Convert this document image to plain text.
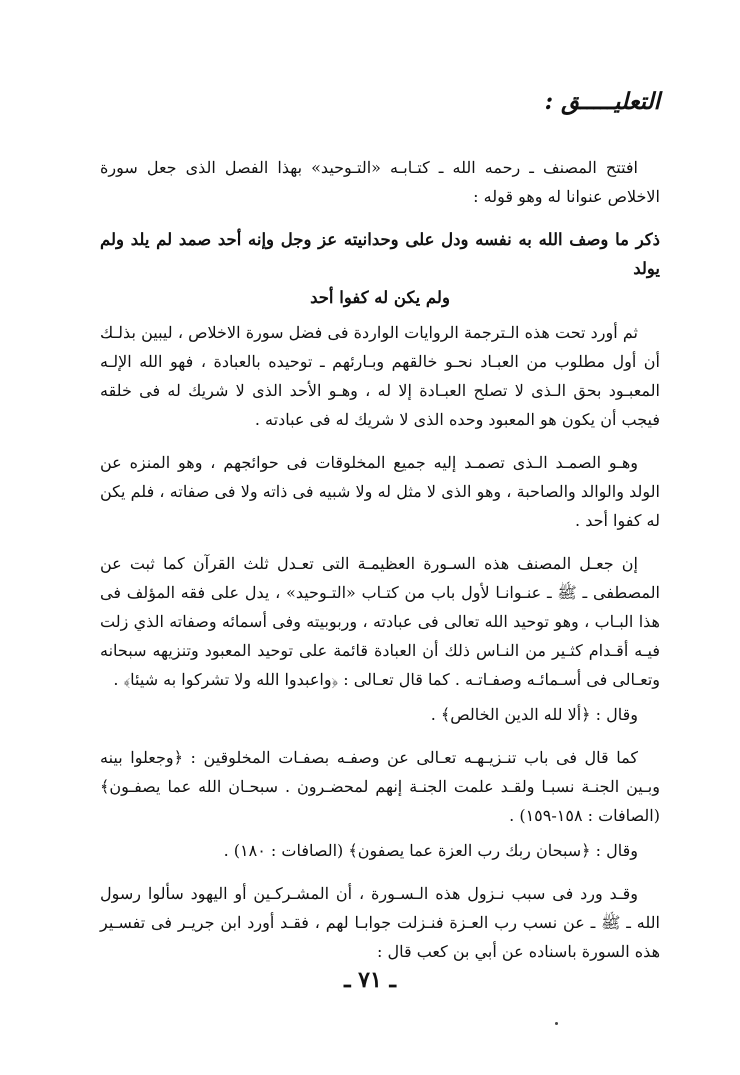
التعليـــــق :

افتتح المصنف ـ رحمه الله ـ كتـابـه «التـوحيد» بهذا الفصل الذى جعل سورة الاخلاص عنوانا له وهو قوله :

ذكر ما وصف الله به نفسه ودل على وحدانيته عز وجل وإنه أحد صمد لم يلد ولم يولد
ولم يكن له كفوا أحد

ثم أورد تحت هذه الـترجمة الروايات الواردة فى فضل سورة الاخلاص ، ليبين بذلـك أن أول مطلوب من العبـاد نحـو خالقهم وبـارئهم ـ توحيده بالعبادة ، فهو الله الإلـه المعبـود بحق الـذى لا تصلح العبـادة إلا له ، وهـو الأحد الذى لا شريك له فى خلقه فيجب أن يكون هو المعبود وحده الذى لا شريك له فى عبادته .

وهـو الصمـد الـذى تصمـد إليه جميع المخلوقات فى حوائجهم ، وهو المنزه عن الولد والوالد والصاحبة ، وهو الذى لا مثل له ولا شبيه فى ذاته ولا فى صفاته ، فلم يكن له كفوا أحد .

إن جعـل المصنف هذه السـورة العظيمـة التى تعـدل ثلث القرآن كما ثبت عن المصطفى ـ ﷺ ـ عنـوانـا لأول باب من كتـاب «التـوحيد» ، يدل على فقه المؤلف فى هذا البـاب ، وهو توحيد الله تعالى فى عبادته ، وربوبيته وفى أسمائه وصفاته الذي زلت فيـه أقـدام كثـير من النـاس ذلك أن العبادة قائمة على توحيد المعبود وتنزيهه سبحانه وتعـالى فى أسـمائـه وصفـاتـه . كما قال تعـالى : ﴿واعبدوا الله ولا تشركوا به شيئا﴾ .

وقال : ﴿ألا لله الدين الخالص﴾ .

كما قال فى باب تنـزيـهـه تعـالى عن وصفـه بصفـات المخلوقين : ﴿وجعلوا بينه وبـين الجنـة نسبـا ولقـد علمت الجنـة إنهم لمحضـرون . سبحـان الله عما يصفـون﴾ (الصافات : ١٥٨-١٥٩) .

وقال : ﴿سبحان ربك رب العزة عما يصفون﴾ (الصافات : ١٨٠) .

وقـد ورد فى سبب نـزول هذه الـسـورة ، أن المشـركـين أو اليهود سألوا رسول الله ـ ﷺ ـ عن نسب رب العـزة فنـزلت جوابـا لهم ، فقـد أورد ابن جريـر فى تفسـير هذه السورة باسناده عن أبي بن كعب قال :

ـ ٧١ ـ
